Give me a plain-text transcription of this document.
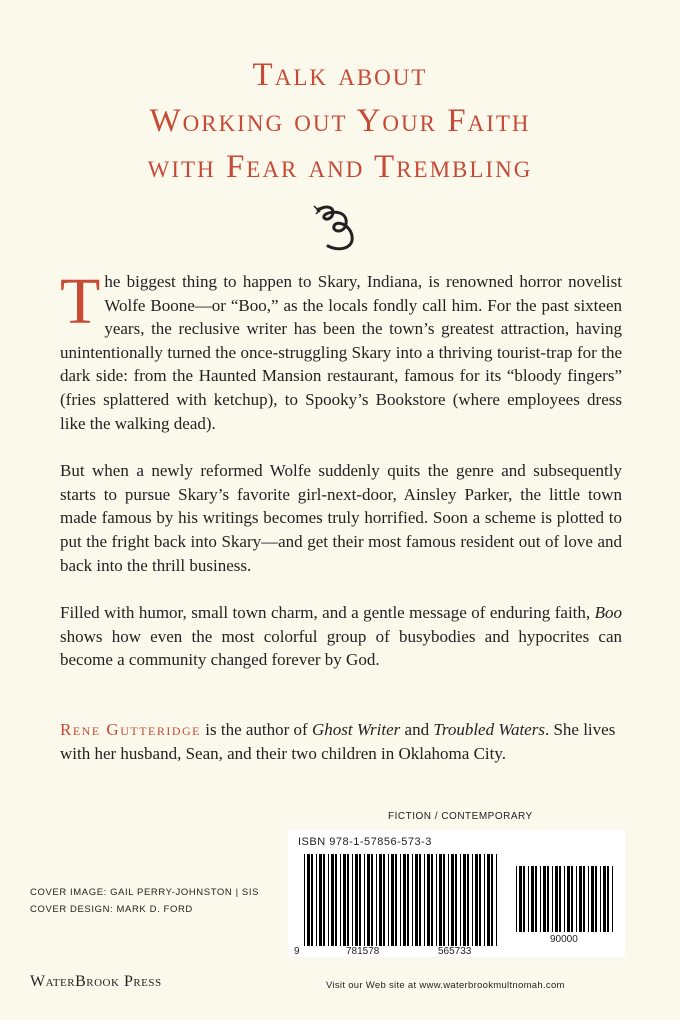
Talk about
Working out Your Faith
with Fear and Trembling

The biggest thing to happen to Skary, Indiana, is renowned horror novelist Wolfe Boone—or “Boo,” as the locals fondly call him. For the past sixteen years, the reclusive writer has been the town’s greatest attraction, having unintentionally turned the once-struggling Skary into a thriving tourist-trap for the dark side: from the Haunted Mansion restaurant, famous for its “bloody fingers” (fries splattered with ketchup), to Spooky’s Bookstore (where employees dress like the walking dead).

But when a newly reformed Wolfe suddenly quits the genre and subsequently starts to pursue Skary’s favorite girl-next-door, Ainsley Parker, the little town made famous by his writings becomes truly horrified. Soon a scheme is plotted to put the fright back into Skary—and get their most famous resident out of love and back into the thrill business.

Filled with humor, small town charm, and a gentle message of enduring faith, Boo shows how even the most colorful group of busybodies and hypocrites can become a community changed forever by God.

Rene Gutteridge is the author of Ghost Writer and Troubled Waters. She lives with her husband, Sean, and their two children in Oklahoma City.
FICTION / CONTEMPORARY
ISBN 978-1-57856-573-3
90000
9	781578	565733
COVER IMAGE: GAIL PERRY-JOHNSTON | SIS
COVER DESIGN: MARK D. FORD
WaterBrook Press	Visit our Web site at www.waterbrookmultnomah.com
